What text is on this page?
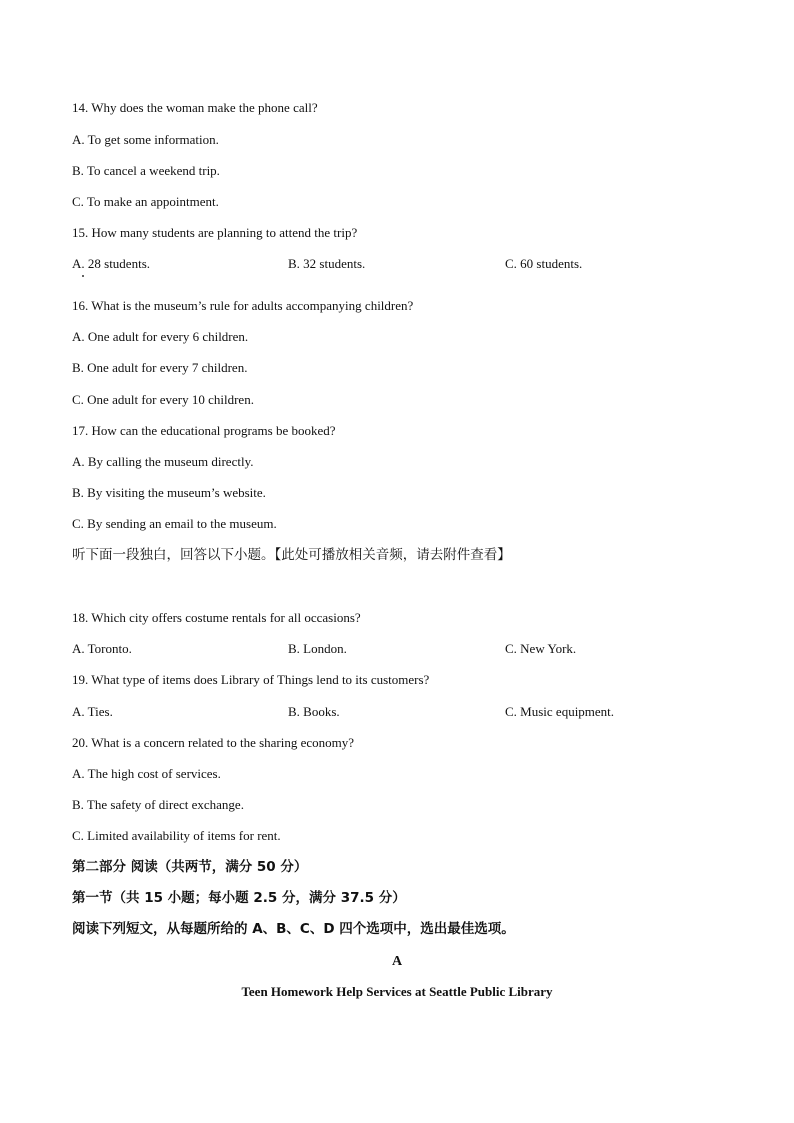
14. Why does the woman make the phone call?
A. To get some information.
B. To cancel a weekend trip.
C. To make an appointment.
15. How many students are planning to attend the trip?
A. 28 students.	B. 32 students.	C. 60 students.
16. What is the museum’s rule for adults accompanying children?
A. One adult for every 6 children.
B. One adult for every 7 children.
C. One adult for every 10 children.
17. How can the educational programs be booked?
A. By calling the museum directly.
B. By visiting the museum’s website.
C. By sending an email to the museum.
听下面一段独白，回答以下小题。【此处可播放相关音频，请去附件查看】
18. Which city offers costume rentals for all occasions?
A. Toronto.	B. London.	C. New York.
19. What type of items does Library of Things lend to its customers?
A. Ties.	B. Books.	C. Music equipment.
20. What is a concern related to the sharing economy?
A. The high cost of services.
B. The safety of direct exchange.
C. Limited availability of items for rent.
第二部分 阅读（共两节，满分 50 分）
第一节（共 15 小题；每小题 2.5 分，满分 37.5 分）
阅读下列短文，从每题所给的 A、B、C、D 四个选项中，选出最佳选项。
A
Teen Homework Help Services at Seattle Public Library
